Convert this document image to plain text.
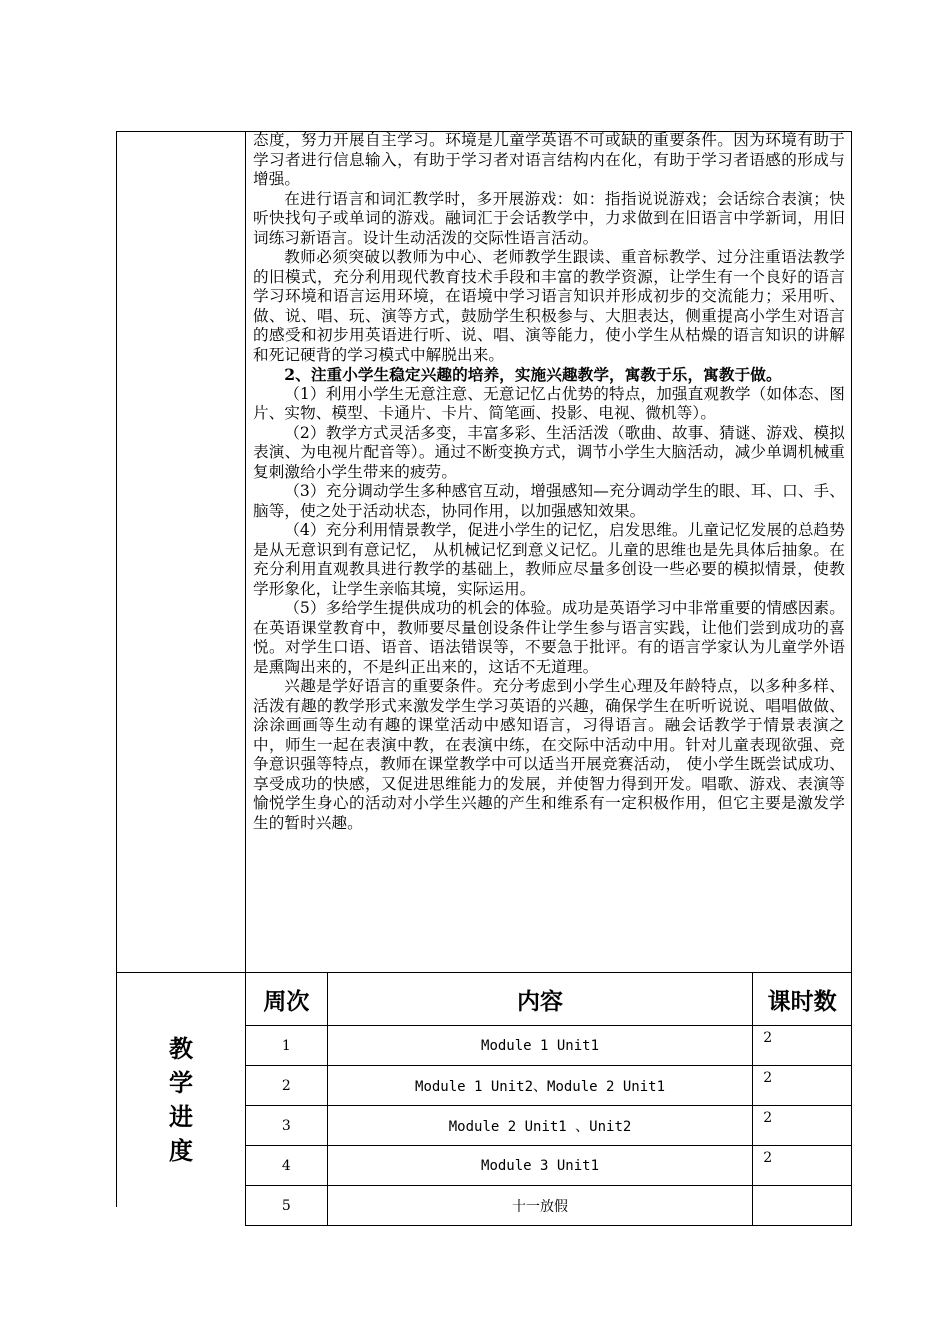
态度，努力开展自主学习。环境是儿童学英语不可或缺的重要条件。因为环境有助于学习者进行信息输入，有助于学习者对语言结构内在化，有助于学习者语感的形成与增强。

在进行语言和词汇教学时，多开展游戏：如：指指说说游戏；会话综合表演；快听快找句子或单词的游戏。融词汇于会话教学中，力求做到在旧语言中学新词，用旧词练习新语言。设计生动活泼的交际性语言活动。

教师必须突破以教师为中心、老师教学生跟读、重音标教学、过分注重语法教学的旧模式，充分利用现代教育技术手段和丰富的教学资源，让学生有一个良好的语言学习环境和语言运用环境，在语境中学习语言知识并形成初步的交流能力；采用听、做、说、唱、玩、演等方式，鼓励学生积极参与、大胆表达，侧重提高小学生对语言的感受和初步用英语进行听、说、唱、演等能力，使小学生从枯燥的语言知识的讲解和死记硬背的学习模式中解脱出来。

2、注重小学生稳定兴趣的培养，实施兴趣教学，寓教于乐，寓教于做。

（1）利用小学生无意注意、无意记忆占优势的特点，加强直观教学（如体态、图片、实物、模型、卡通片、卡片、简笔画、投影、电视、微机等）。

（2）教学方式灵活多变，丰富多彩、生活活泼（歌曲、故事、猜谜、游戏、模拟表演、为电视片配音等）。通过不断变换方式，调节小学生大脑活动，减少单调机械重复刺激给小学生带来的疲劳。

（3）充分调动学生多种感官互动，增强感知—充分调动学生的眼、耳、口、手、脑等，使之处于活动状态，协同作用，以加强感知效果。

（4）充分利用情景教学，促进小学生的记忆，启发思维。儿童记忆发展的总趋势是从无意识到有意记忆， 从机械记忆到意义记忆。儿童的思维也是先具体后抽象。在充分利用直观教具进行教学的基础上，教师应尽量多创设一些必要的模拟情景，使教学形象化，让学生亲临其境，实际运用。

（5）多给学生提供成功的机会的体验。成功是英语学习中非常重要的情感因素。在英语课堂教育中，教师要尽量创设条件让学生参与语言实践，让他们尝到成功的喜悦。对学生口语、语音、语法错误等，不要急于批评。有的语言学家认为儿童学外语是熏陶出来的，不是纠正出来的，这话不无道理。

兴趣是学好语言的重要条件。充分考虑到小学生心理及年龄特点，以多种多样、活泼有趣的教学形式来激发学生学习英语的兴趣，确保学生在听听说说、唱唱做做、涂涂画画等生动有趣的课堂活动中感知语言，习得语言。融会话教学于情景表演之中，师生一起在表演中教，在表演中练，在交际中活动中用。针对儿童表现欲强、竞争意识强等特点，教师在课堂教学中可以适当开展竞赛活动， 使小学生既尝试成功、享受成功的快感，又促进思维能力的发展，并使智力得到开发。唱歌、游戏、表演等愉悦学生身心的活动对小学生兴趣的产生和维系有一定积极作用，但它主要是激发学生的暂时兴趣。

教
学
进
度
周次	内容	课时数
1	Module 1 Unit1	2
2	Module 1 Unit2、Module 2 Unit1	2
3	Module 2 Unit1 、Unit2	2
4	Module 3 Unit1	2
5	十一放假	
